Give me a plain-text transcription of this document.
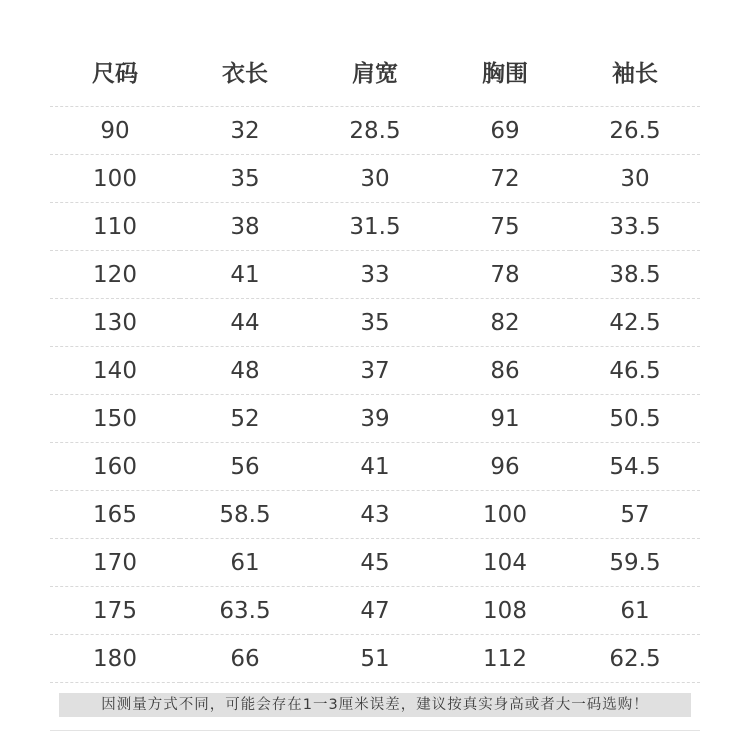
尺码	衣长	肩宽	胸围	袖长
90	32	28.5	69	26.5
100	35	30	72	30
110	38	31.5	75	33.5
120	41	33	78	38.5
130	44	35	82	42.5
140	48	37	86	46.5
150	52	39	91	50.5
160	56	41	96	54.5
165	58.5	43	100	57
170	61	45	104	59.5
175	63.5	47	108	61
180	66	51	112	62.5
因测量方式不同，可能会存在1一3厘米误差，建议按真实身高或者大一码选购！
